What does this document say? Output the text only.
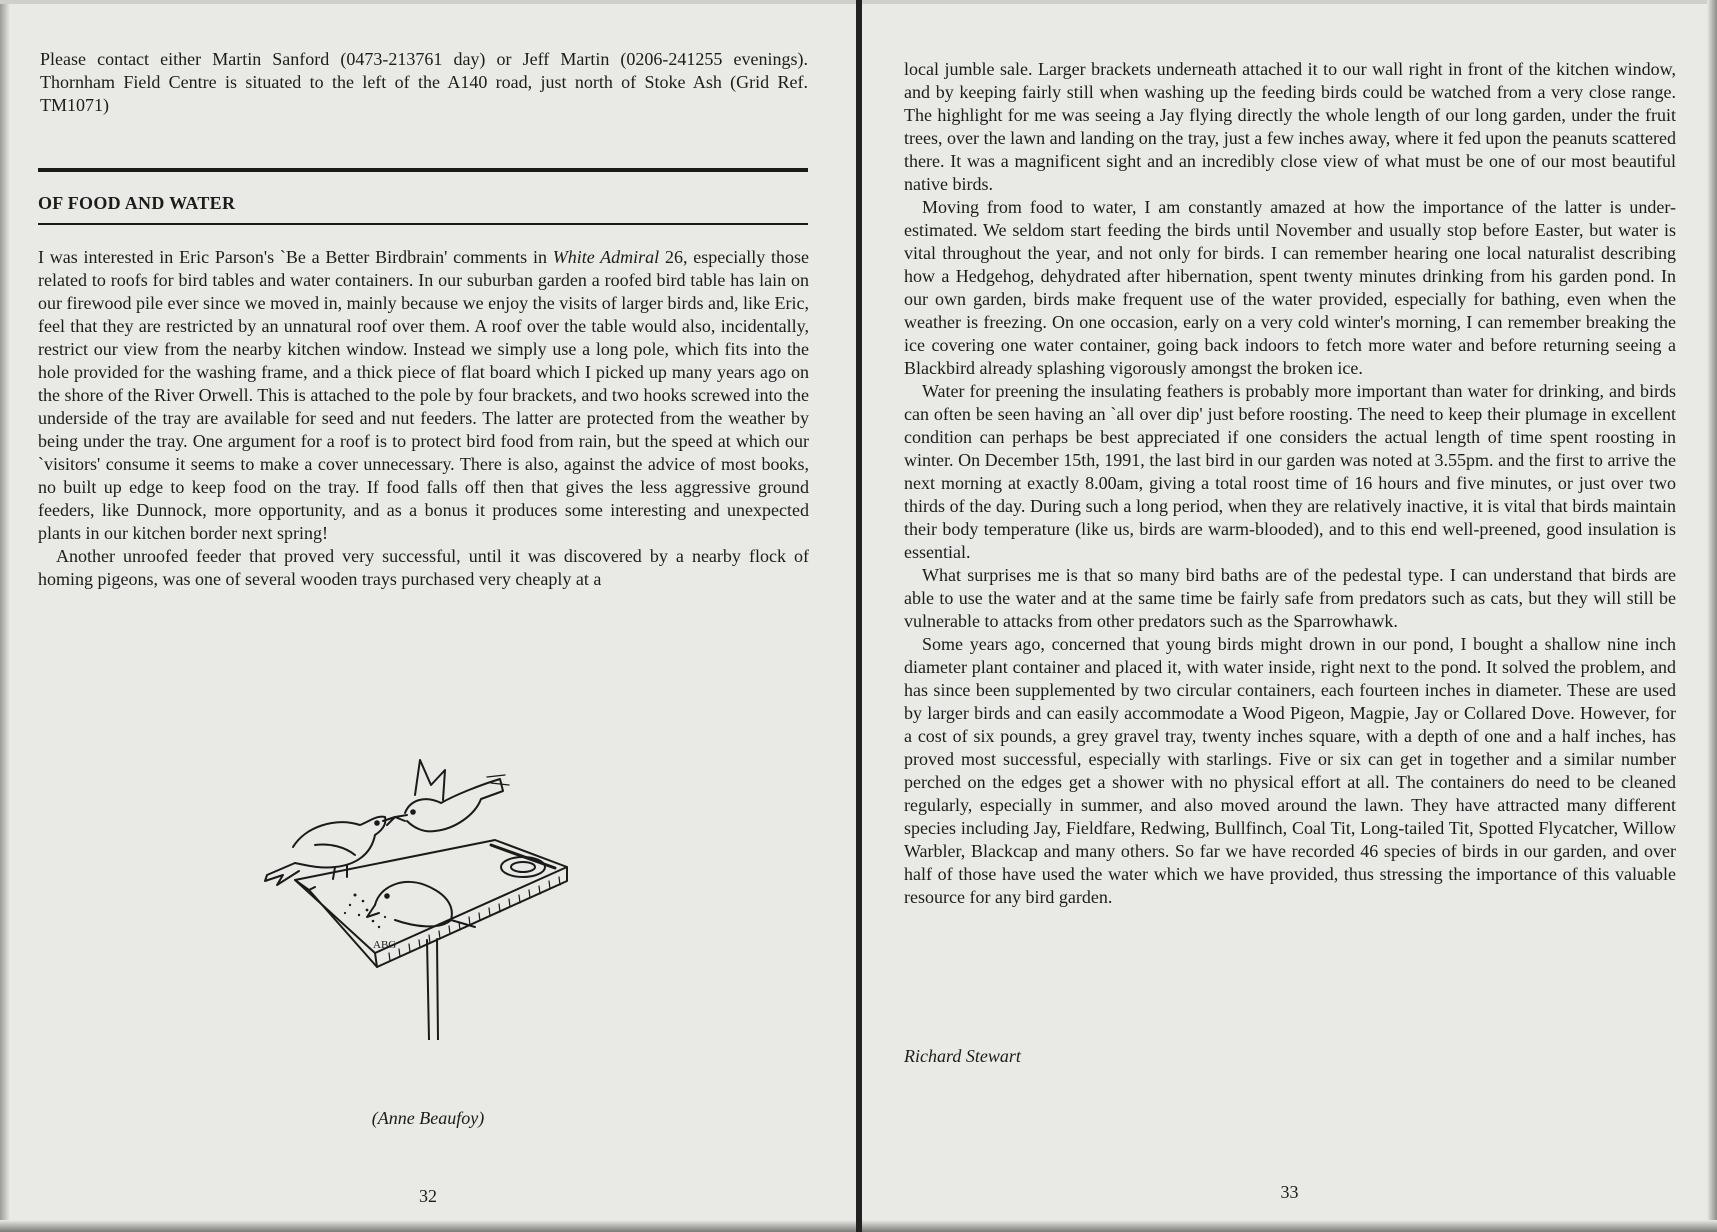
Please contact either Martin Sanford (0473-213761 day) or Jeff Martin (0206-241255 evenings). Thornham Field Centre is situated to the left of the A140 road, just north of Stoke Ash (Grid Ref. TM1071)

OF FOOD AND WATER

I was interested in Eric Parson's `Be a Better Birdbrain' comments in White Admiral 26, especially those related to roofs for bird tables and water containers. In our suburban garden a roofed bird table has lain on our firewood pile ever since we moved in, mainly because we enjoy the visits of larger birds and, like Eric, feel that they are restricted by an unnatural roof over them. A roof over the table would also, incidentally, restrict our view from the nearby kitchen window. Instead we simply use a long pole, which fits into the hole provided for the washing frame, and a thick piece of flat board which I picked up many years ago on the shore of the River Orwell. This is attached to the pole by four brackets, and two hooks screwed into the underside of the tray are available for seed and nut feeders. The latter are protected from the weather by being under the tray. One argument for a roof is to protect bird food from rain, but the speed at which our `visitors' consume it seems to make a cover unnecessary. There is also, against the advice of most books, no built up edge to keep food on the tray. If food falls off then that gives the less aggressive ground feeders, like Dunnock, more opportunity, and as a bonus it produces some interesting and unexpected plants in our kitchen border next spring!

Another unroofed feeder that proved very successful, until it was discovered by a nearby flock of homing pigeons, was one of several wooden trays purchased very cheaply at a

ABG
(Anne Beaufoy)
32

local jumble sale. Larger brackets underneath attached it to our wall right in front of the kitchen window, and by keeping fairly still when washing up the feeding birds could be watched from a very close range. The highlight for me was seeing a Jay flying directly the whole length of our long garden, under the fruit trees, over the lawn and landing on the tray, just a few inches away, where it fed upon the peanuts scattered there. It was a magnificent sight and an incredibly close view of what must be one of our most beautiful native birds.

Moving from food to water, I am constantly amazed at how the importance of the latter is under-estimated. We seldom start feeding the birds until November and usually stop before Easter, but water is vital throughout the year, and not only for birds. I can remember hearing one local naturalist describing how a Hedgehog, dehydrated after hibernation, spent twenty minutes drinking from his garden pond. In our own garden, birds make frequent use of the water provided, especially for bathing, even when the weather is freezing. On one occasion, early on a very cold winter's morning, I can remember breaking the ice covering one water container, going back indoors to fetch more water and before returning seeing a Blackbird already splashing vigorously amongst the broken ice.

Water for preening the insulating feathers is probably more important than water for drinking, and birds can often be seen having an `all over dip' just before roosting. The need to keep their plumage in excellent condition can perhaps be best appreciated if one considers the actual length of time spent roosting in winter. On December 15th, 1991, the last bird in our garden was noted at 3.55pm. and the first to arrive the next morning at exactly 8.00am, giving a total roost time of 16 hours and five minutes, or just over two thirds of the day. During such a long period, when they are relatively inactive, it is vital that birds maintain their body temperature (like us, birds are warm-blooded), and to this end well-preened, good insulation is essential.

What surprises me is that so many bird baths are of the pedestal type. I can understand that birds are able to use the water and at the same time be fairly safe from predators such as cats, but they will still be vulnerable to attacks from other predators such as the Sparrowhawk.

Some years ago, concerned that young birds might drown in our pond, I bought a shallow nine inch diameter plant container and placed it, with water inside, right next to the pond. It solved the problem, and has since been supplemented by two circular containers, each fourteen inches in diameter. These are used by larger birds and can easily accommodate a Wood Pigeon, Magpie, Jay or Collared Dove. However, for a cost of six pounds, a grey gravel tray, twenty inches square, with a depth of one and a half inches, has proved most successful, especially with starlings. Five or six can get in together and a similar number perched on the edges get a shower with no physical effort at all. The containers do need to be cleaned regularly, especially in summer, and also moved around the lawn. They have attracted many different species including Jay, Fieldfare, Redwing, Bullfinch, Coal Tit, Long-tailed Tit, Spotted Flycatcher, Willow Warbler, Blackcap and many others. So far we have recorded 46 species of birds in our garden, and over half of those have used the water which we have provided, thus stressing the importance of this valuable resource for any bird garden.

Richard Stewart
33
